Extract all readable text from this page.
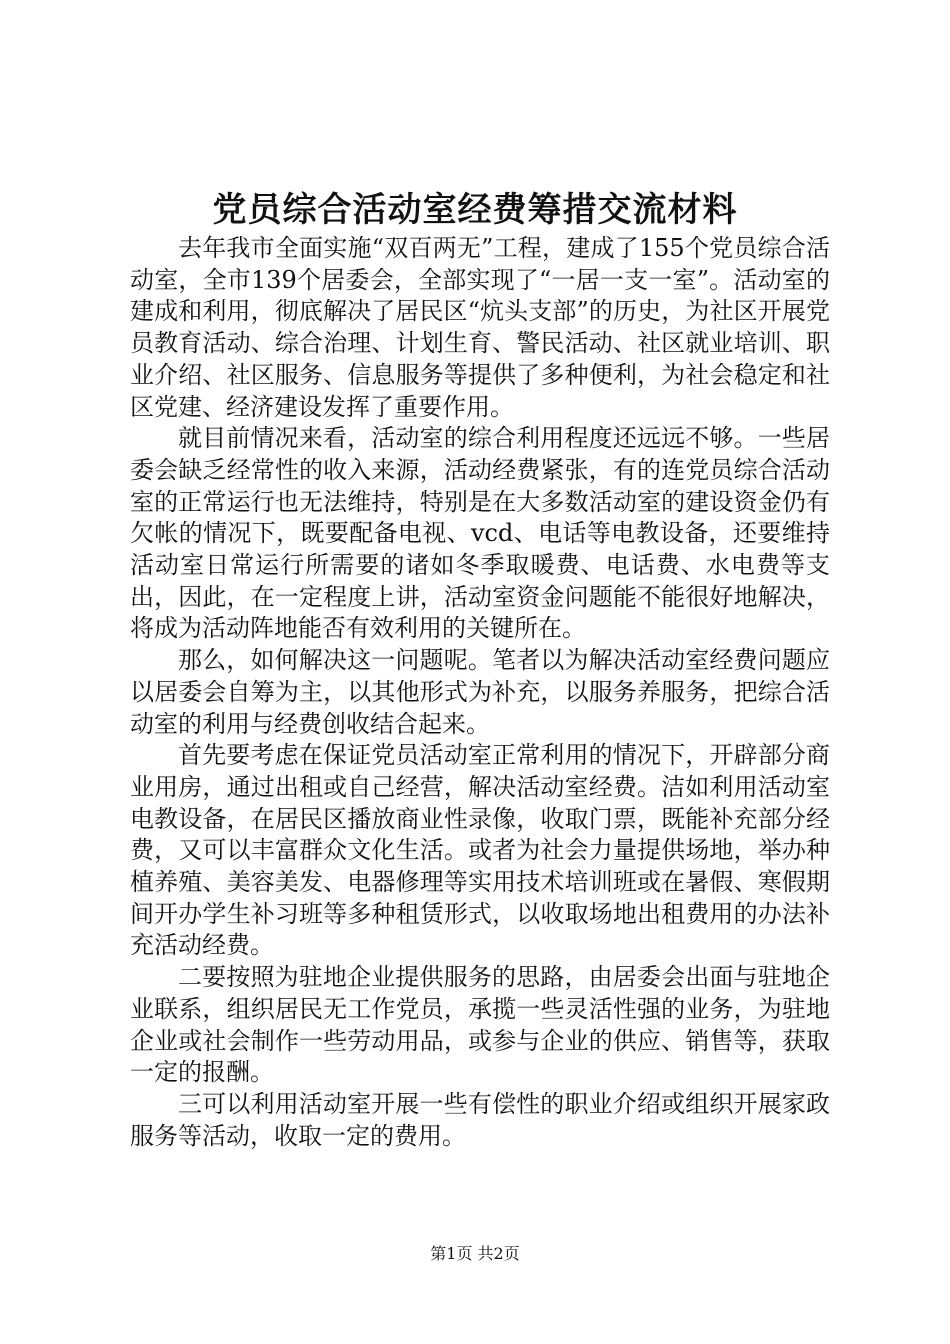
党员综合活动室经费筹措交流材料

去年我市全面实施“双百两无”工程，建成了155个党员综合活动室，全市139个居委会，全部实现了“一居一支一室”。活动室的建成和利用，彻底解决了居民区“炕头支部”的历史，为社区开展党员教育活动、综合治理、计划生育、警民活动、社区就业培训、职业介绍、社区服务、信息服务等提供了多种便利，为社会稳定和社区党建、经济建设发挥了重要作用。

就目前情况来看，活动室的综合利用程度还远远不够。一些居委会缺乏经常性的收入来源，活动经费紧张，有的连党员综合活动室的正常运行也无法维持，特别是在大多数活动室的建设资金仍有欠帐的情况下，既要配备电视、vcd、电话等电教设备，还要维持活动室日常运行所需要的诸如冬季取暖费、电话费、水电费等支出，因此，在一定程度上讲，活动室资金问题能不能很好地解决，将成为活动阵地能否有效利用的关键所在。

那么，如何解决这一问题呢。笔者以为解决活动室经费问题应以居委会自筹为主，以其他形式为补充，以服务养服务，把综合活动室的利用与经费创收结合起来。

首先要考虑在保证党员活动室正常利用的情况下，开辟部分商业用房，通过出租或自己经营，解决活动室经费。洁如利用活动室电教设备，在居民区播放商业性录像，收取门票，既能补充部分经费，又可以丰富群众文化生活。或者为社会力量提供场地，举办种植养殖、美容美发、电器修理等实用技术培训班或在暑假、寒假期间开办学生补习班等多种租赁形式，以收取场地出租费用的办法补充活动经费。

二要按照为驻地企业提供服务的思路，由居委会出面与驻地企业联系，组织居民无工作党员，承揽一些灵活性强的业务，为驻地企业或社会制作一些劳动用品，或参与企业的供应、销售等，获取一定的报酬。

三可以利用活动室开展一些有偿性的职业介绍或组织开展家政服务等活动，收取一定的费用。

第1页 共2页
